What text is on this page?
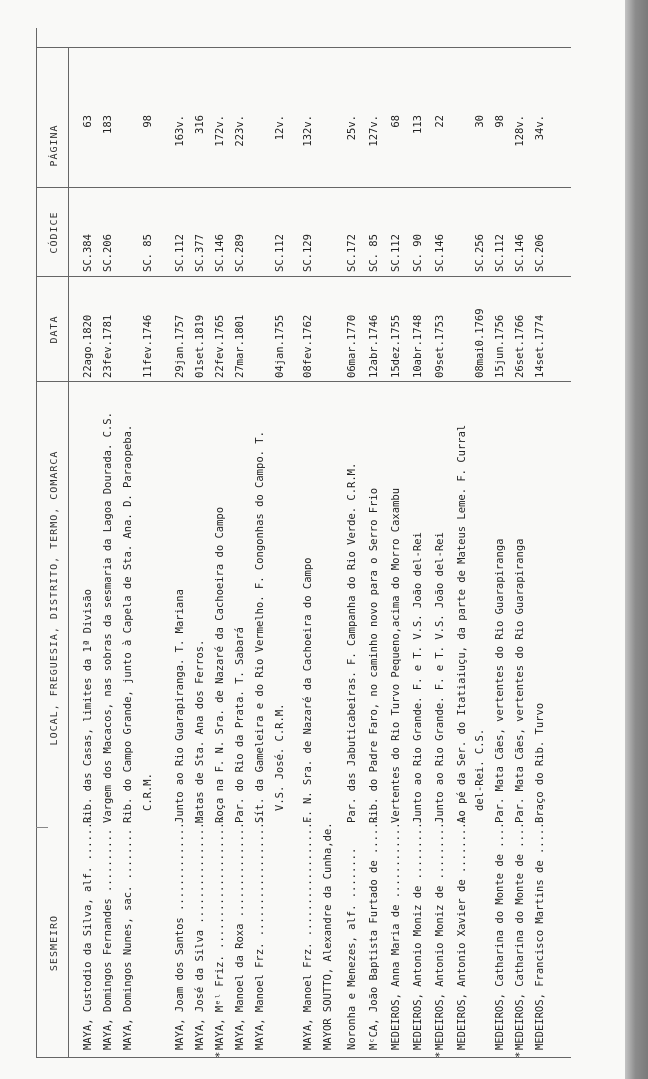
SESMEIRO
LOCAL, FREGUESIA, DISTRITO, TERMO, COMARCA
DATA
CÓDICE
PÁGINA
MAYA, Custodio da Silva, alf. .......
Rib. das Casas, limites da 1ª Divisão
22ago.1820
SC.384
63
MAYA, Domingos Fernandes ..........
Vargem dos Macacos, nas sobras da sesmaria da Lagoa Dourada. C.S.
23fev.1781
SC.206
183
MAYA, Domingos Nunes, sac. ........
Rib. do Campo Grande, junto à Capela de Sta. Ana. D. Paraopeba. C.R.M.
11fev.1746
SC. 85
98
MAYA, Joam dos Santos ..............
Junto ao Rio Guarapiranga. T. Mariana
29jan.1757
SC.112
163v.
MAYA, José da Silva .................
Matas de Sta. Ana dos Ferros.
01set.1819
SC.377
316
*
MAYA, Mᵉˡ Friz. .....................
Roça na F. N. Sra. de Nazaré da Cachoeira do Campo
22fev.1765
SC.146
172v.
MAYA, Manoel da Roxa ...............
Par. do Rio da Prata. T. Sabará
27mar.1801
SC.289
223v.
MAYA, Manoel Frz. ...................
Sít. da Gameleira e do Rio Vermelho. F. Congonhas do Campo. T. V.S. José. C.R.M.
04jan.1755
SC.112
12v.
MAYA, Manoel Frz. ...................
F. N. Sra. de Nazaré da Cachoeira do Campo
08fev.1762
SC.129
132v.
MAYOR SOUTTO, Alexandre da Cunha,de. Noronha e Menezes, alf. ........
Par. das Jabuticabeiras. F. Campanha do Rio Verde. C.R.M.
06mar.1770
SC.172
25v.
MᶜCA, João Baptista Furtado de ......
Rib. do Padre Faro, no caminho novo para o Serro Frio
12abr.1746
SC. 85
127v.
MEDEIROS, Anna Maria de .............
Vertentes do Rio Turvo Pequeno,acima do Morro Caxambu
15dez.1755
SC.112
68
MEDEIROS, Antonio Moniz de ..........
Junto ao Rio Grande. F. e T. V.S. João del-Rei
10abr.1748
SC. 90
113
*
MEDEIROS, Antonio Moniz de ..........
Junto ao Rio Grande. F. e T. V.S. João del-Rei
09set.1753
SC.146
22
MEDEIROS, Antonio Xavier de .........
Ao pé da Ser. do Itatiaiuçu, da parte de Mateus Leme. F. Curral del-Rei. C.S.
08mai0.1769
SC.256
30
MEDEIROS, Catharina do Monte de ....
Par. Mata Cães, vertentes do Rio Guarapiranga
15jun.1756
SC.112
98
*
MEDEIROS, Catharina do Monte de ....
Par. Mata Cães, vertentes do Rio Guarapiranga
26set.1766
SC.146
128v.
MEDEIROS, Francisco Martins de .....
Braço do Rib. Turvo
14set.1774
SC.206
34v.
